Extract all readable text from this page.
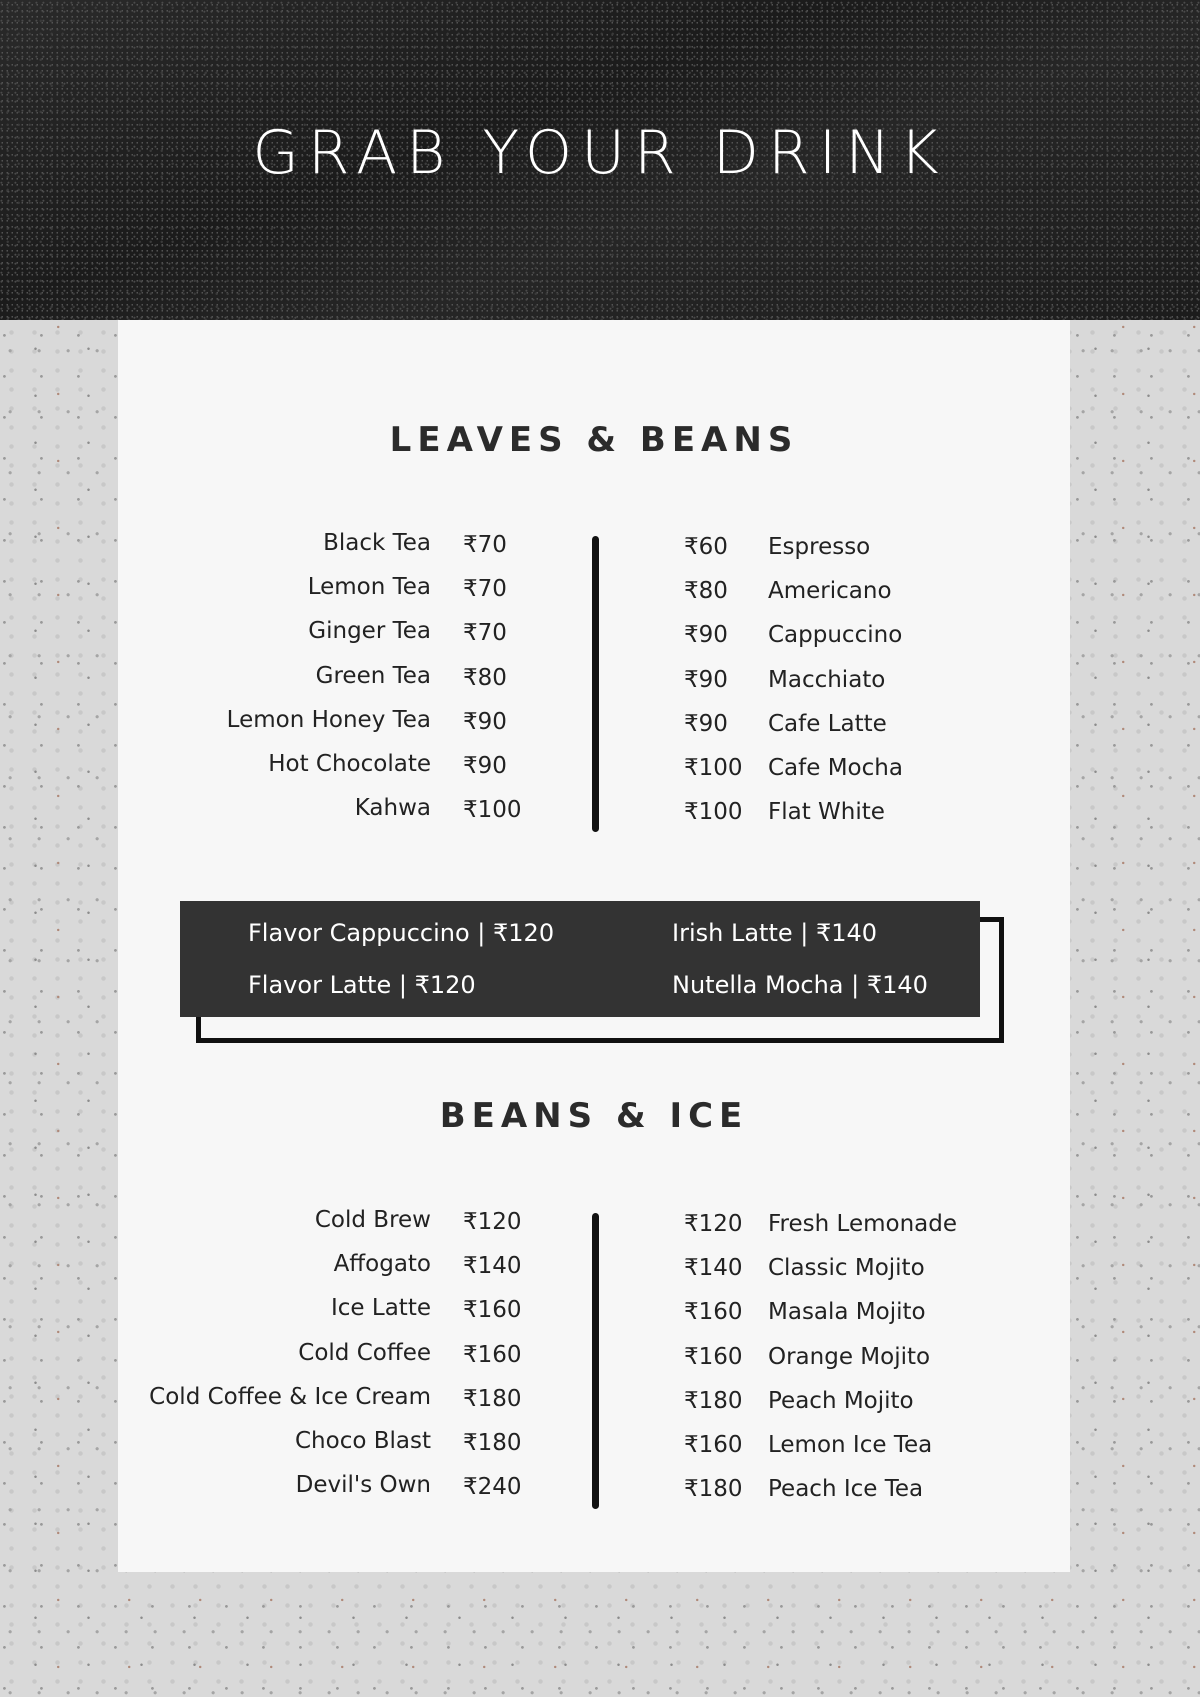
GRAB YOUR DRINK
LEAVES & BEANS
Black Tea ₹70
Lemon Tea ₹70
Ginger Tea ₹70
Green Tea ₹80
Lemon Honey Tea ₹90
Hot Chocolate ₹90
Kahwa ₹100
₹60 Espresso
₹80 Americano
₹90 Cappuccino
₹90 Macchiato
₹90 Cafe Latte
₹100 Cafe Mocha
₹100 Flat White
Flavor Cappuccino | ₹120	Irish Latte | ₹140
Flavor Latte | ₹120	Nutella Mocha | ₹140
BEANS & ICE
Cold Brew ₹120
Affogato ₹140
Ice Latte ₹160
Cold Coffee ₹160
Cold Coffee & Ice Cream ₹180
Choco Blast ₹180
Devil's Own ₹240
₹120 Fresh Lemonade
₹140 Classic Mojito
₹160 Masala Mojito
₹160 Orange Mojito
₹180 Peach Mojito
₹160 Lemon Ice Tea
₹180 Peach Ice Tea
